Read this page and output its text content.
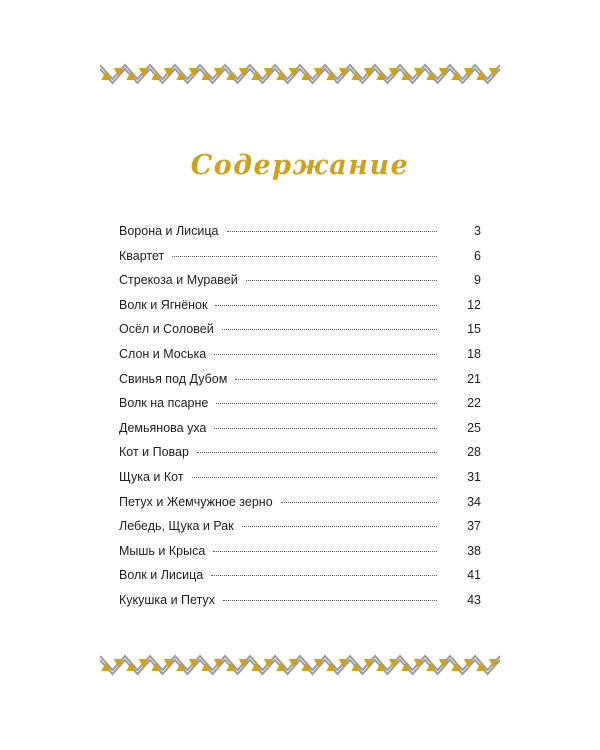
Содержание
Ворона и Лисица	3
Квартет	6
Стрекоза и Муравей	9
Волк и Ягнёнок	12
Осёл и Соловей	15
Слон и Моська	18
Свинья под Дубом	21
Волк на псарне	22
Демьянова уха	25
Кот и Повар	28
Щука и Кот	31
Петух и Жемчужное зерно	34
Лебедь, Щука и Рак	37
Мышь и Крыса	38
Волк и Лисица	41
Кукушка и Петух	43
